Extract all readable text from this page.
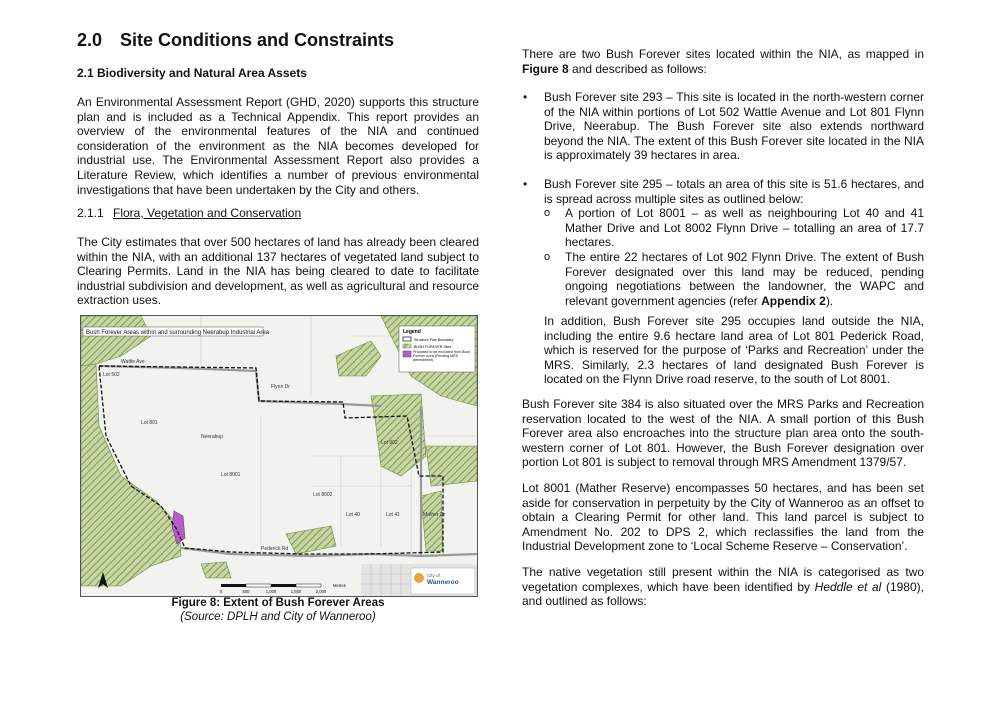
2.0 Site Conditions and Constraints
2.1 Biodiversity and Natural Area Assets

An Environmental Assessment Report (GHD, 2020) supports this structure plan and is included as a Technical Appendix. This report provides an overview of the environmental features of the NIA and continued consideration of the environment as the NIA becomes developed for industrial use. The Environmental Assessment Report also provides a Literature Review, which identifies a number of previous environmental investigations that have been undertaken by the City and others.

2.1.1 Flora, Vegetation and Conservation

The City estimates that over 500 hectares of land has already been cleared within the NIA, with an additional 137 hectares of vegetated land subject to Clearing Permits. Land in the NIA has being cleared to date to facilitate industrial subdivision and development, as well as agricultural and resource extraction uses.

Neerabup
Lot 801
Lot 8001
Lot 502
Lot 902
Lot 40	Lot 41
Lot 8002
Flynn Dr
Wattle Ave
Mather Dr
Pederick Rd
Bush Forever Areas within and surrounding Neerabup Industrial Area	Legend
Structure Plan Boundary
BUSH FOREVER Sites
Proposed to be excluded from Bush Forever Area (Pending MRS amendment)
0	500	1,000	1,500	2,000
Metres
City of
Wanneroo
Figure 8: Extent of Bush Forever Areas
(Source: DPLH and City of Wanneroo)

There are two Bush Forever sites located within the NIA, as mapped in Figure 8 and described as follows:

• Bush Forever site 293 – This site is located in the north-western corner of the NIA within portions of Lot 502 Wattle Avenue and Lot 801 Flynn Drive, Neerabup. The Bush Forever site also extends northward beyond the NIA. The extent of this Bush Forever site located in the NIA is approximately 39 hectares in area.
• Bush Forever site 295 – totals an area of this site is 51.6 hectares, and is spread across multiple sites as outlined below:
o A portion of Lot 8001 – as well as neighbouring Lot 40 and 41 Mather Drive and Lot 8002 Flynn Drive – totalling an area of 17.7 hectares.
o The entire 22 hectares of Lot 902 Flynn Drive. The extent of Bush Forever designated over this land may be reduced, pending ongoing negotiations between the landowner, the WAPC and relevant government agencies (refer Appendix 2).

In addition, Bush Forever site 295 occupies land outside the NIA, including the entire 9.6 hectare land area of Lot 801 Pederick Road, which is reserved for the purpose of ‘Parks and Recreation’ under the MRS. Similarly, 2.3 hectares of land designated Bush Forever is located on the Flynn Drive road reserve, to the south of Lot 8001.

Bush Forever site 384 is also situated over the MRS Parks and Recreation reservation located to the west of the NIA. A small portion of this Bush Forever area also encroaches into the structure plan area onto the south-western corner of Lot 801. However, the Bush Forever designation over portion Lot 801 is subject to removal through MRS Amendment 1379/57.

Lot 8001 (Mather Reserve) encompasses 50 hectares, and has been set aside for conservation in perpetuity by the City of Wanneroo as an offset to obtain a Clearing Permit for other land. This land parcel is subject to Amendment No. 202 to DPS 2, which reclassifies the land from the Industrial Development zone to ‘Local Scheme Reserve – Conservation’.

The native vegetation still present within the NIA is categorised as two vegetation complexes, which have been identified by Heddle et al (1980), and outlined as follows:
